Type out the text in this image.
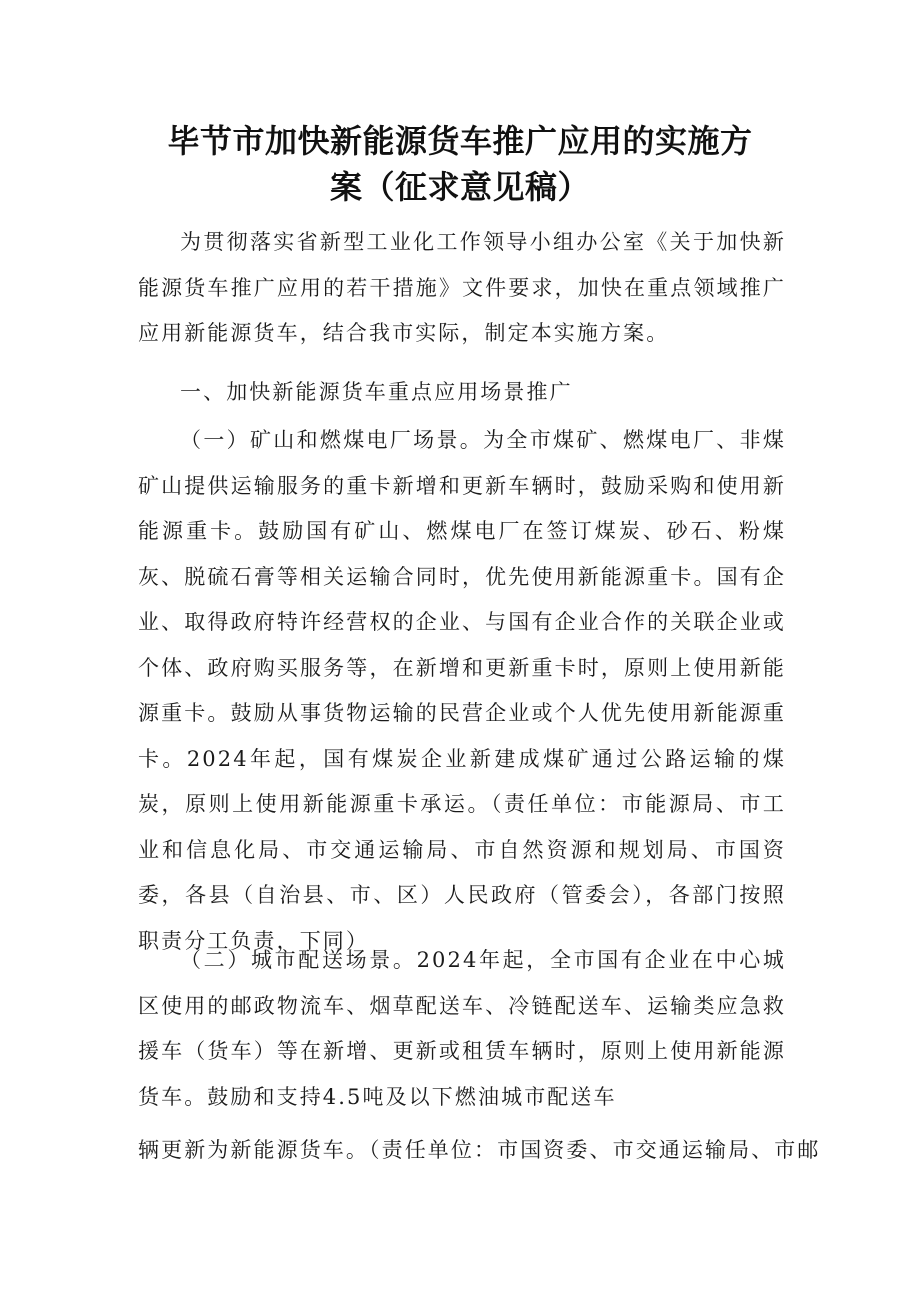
毕节市加快新能源货车推广应用的实施方
案（征求意见稿）

为贯彻落实省新型工业化工作领导小组办公室《关于加快新能源货车推广应用的若干措施》文件要求，加快在重点领域推广应用新能源货车，结合我市实际，制定本实施方案。

一、加快新能源货车重点应用场景推广

（一）矿山和燃煤电厂场景。为全市煤矿、燃煤电厂、非煤矿山提供运输服务的重卡新增和更新车辆时，鼓励采购和使用新能源重卡。鼓励国有矿山、燃煤电厂在签订煤炭、砂石、粉煤灰、脱硫石膏等相关运输合同时，优先使用新能源重卡。国有企业、取得政府特许经营权的企业、与国有企业合作的关联企业或个体、政府购买服务等，在新增和更新重卡时，原则上使用新能源重卡。鼓励从事货物运输的民营企业或个人优先使用新能源重卡。2024年起，国有煤炭企业新建成煤矿通过公路运输的煤炭，原则上使用新能源重卡承运。（责任单位：市能源局、市工业和信息化局、市交通运输局、市自然资源和规划局、市国资委，各县（自治县、市、区）人民政府（管委会），各部门按照职责分工负责，下同）

（二）城市配送场景。2024年起，全市国有企业在中心城区使用的邮政物流车、烟草配送车、冷链配送车、运输类应急救援车（货车）等在新增、更新或租赁车辆时，原则上使用新能源货车。鼓励和支持4.5吨及以下燃油城市配送车

辆更新为新能源货车。（责任单位：市国资委、市交通运输局、市邮
